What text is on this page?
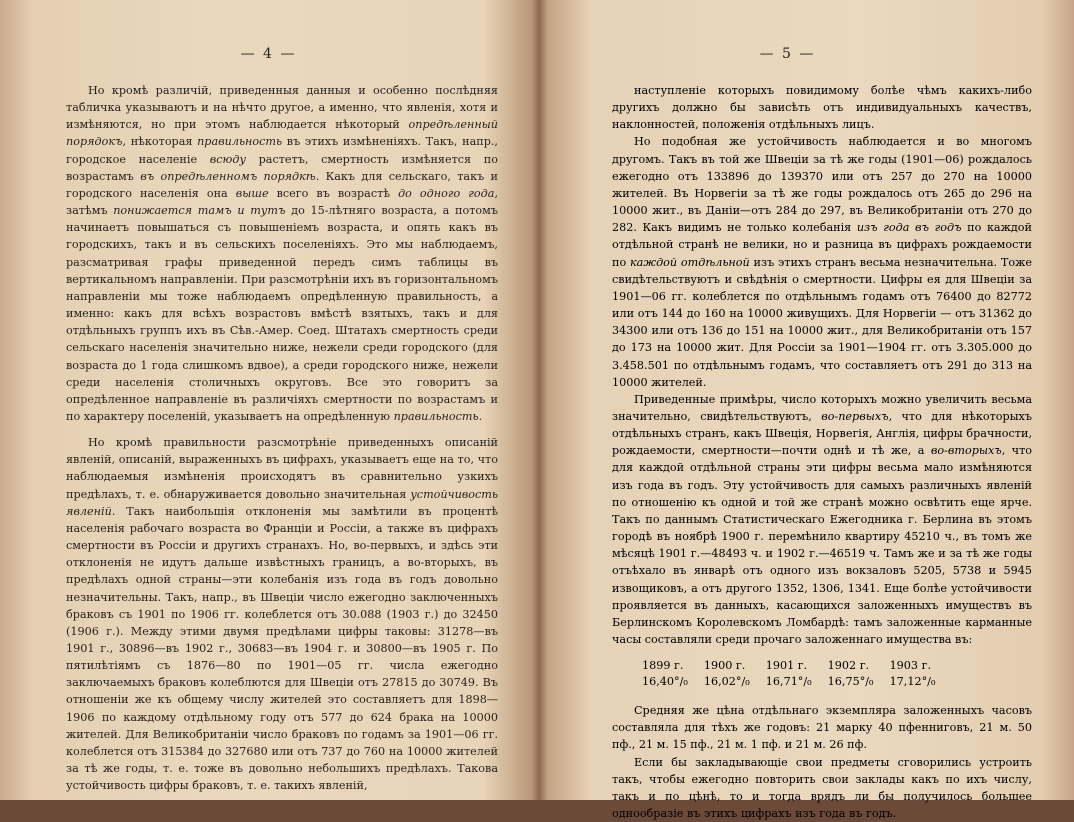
— 4 —

Но кромѣ различій, приведенныя данныя и особенно послѣдняя табличка указываютъ и на нѣчто другое, а именно, что явленія, хотя и измѣняются, но при этомъ наблюдается нѣкоторый опредѣленный порядокъ, нѣкоторая правильность въ этихъ измѣненіяхъ. Такъ, напр., городское населеніе всюду растетъ, смертность измѣняется по возрастамъ въ опредѣленномъ порядкѣ. Какъ для сельскаго, такъ и городского населенія она выше всего въ возрастѣ до одного года, затѣмъ понижается тамъ и тутъ до 15-лѣтняго возраста, а потомъ начинаетъ повышаться съ повышеніемъ возраста, и опять какъ въ городскихъ, такъ и въ сельскихъ поселеніяхъ. Это мы наблюдаемъ, разсматривая графы приведенной передъ симъ таблицы въ вертикальномъ направленіи. При разсмотрѣніи ихъ въ горизонтальномъ направленіи мы тоже наблюдаемъ опредѣленную правильность, а именно: какъ для всѣхъ возрастовъ вмѣстѣ взятыхъ, такъ и для отдѣльныхъ группъ ихъ въ Сѣв.-Амер. Соед. Штатахъ смертность среди сельскаго населенія значительно ниже, нежели среди городского (для возраста до 1 года слишкомъ вдвое), а среди городского ниже, нежели среди населенія столичныхъ округовъ. Все это говоритъ за опредѣленное направленіе въ различіяхъ смертности по возрастамъ и по характеру поселеній, указываетъ на опредѣленную правильность.

Но кромѣ правильности разсмотрѣніе приведенныхъ описаній явленій, описаній, выраженныхъ въ цифрахъ, указываетъ еще на то, что наблюдаемыя измѣненія происходятъ въ сравнительно узкихъ предѣлахъ, т. е. обнаруживается довольно значительная устойчивость явленій. Такъ наибольшія отклоненія мы замѣтили въ процентѣ населенія рабочаго возраста во Франціи и Россіи, а также въ цифрахъ смертности въ Россіи и другихъ странахъ. Но, во-первыхъ, и здѣсь эти отклоненія не идутъ дальше извѣстныхъ границъ, а во-вторыхъ, въ предѣлахъ одной страны—эти колебанія изъ года въ годъ довольно незначительны. Такъ, напр., въ Швеціи число ежегодно заключенныхъ браковъ съ 1901 по 1906 гг. колеблется отъ 30.088 (1903 г.) до 32450 (1906 г.). Между этими двумя предѣлами цифры таковы: 31278—въ 1901 г., 30896—въ 1902 г., 30683—въ 1904 г. и 30800—въ 1905 г. По пятилѣтіямъ съ 1876—80 по 1901—05 гг. числа ежегодно заключаемыхъ браковъ колеблются для Швеціи отъ 27815 до 30749. Въ отношеніи же къ общему числу жителей это составляетъ для 1898—1906 по каждому отдѣльному году отъ 577 до 624 брака на 10000 жителей. Для Великобританіи число браковъ по годамъ за 1901—06 гг. колеблется отъ 315384 до 327680 или отъ 737 до 760 на 10000 жителей за тѣ же годы, т. е. тоже въ довольно небольшихъ предѣлахъ. Такова устойчивость цифры браковъ, т. е. такихъ явленій,

— 5 —

наступленіе которыхъ повидимому болѣе чѣмъ какихъ-либо другихъ должно бы зависѣть отъ индивидуальныхъ качествъ, наклонностей, положенія отдѣльныхъ лицъ.

Но подобная же устойчивость наблюдается и во многомъ другомъ. Такъ въ той же Швеціи за тѣ же годы (1901—06) рождалось ежегодно отъ 133896 до 139370 или отъ 257 до 270 на 10000 жителей. Въ Норвегіи за тѣ же годы рождалось отъ 265 до 296 на 10000 жит., въ Даніи—отъ 284 до 297, въ Великобританіи отъ 270 до 282. Какъ видимъ не только колебанія изъ года въ годъ по каждой отдѣльной странѣ не велики, но и разница въ цифрахъ рождаемости по каждой отдѣльной изъ этихъ странъ весьма незначительна. Тоже свидѣтельствуютъ и свѣдѣнія о смертности. Цифры ея для Швеціи за 1901—06 гг. колеблется по отдѣльнымъ годамъ отъ 76400 до 82772 или отъ 144 до 160 на 10000 живущихъ. Для Норвегіи — отъ 31362 до 34300 или отъ 136 до 151 на 10000 жит., для Великобританіи отъ 157 до 173 на 10000 жит. Для Россіи за 1901—1904 гг. отъ 3.305.000 до 3.458.501 по отдѣльнымъ годамъ, что составляетъ отъ 291 до 313 на 10000 жителей.

Приведенные примѣры, число которыхъ можно увеличить весьма значительно, свидѣтельствуютъ, во-первыхъ, что для нѣкоторыхъ отдѣльныхъ странъ, какъ Швеція, Норвегія, Англія, цифры брачности, рождаемости, смертности—почти однѣ и тѣ же, а во-вторыхъ, что для каждой отдѣльной страны эти цифры весьма мало измѣняются изъ года въ годъ. Эту устойчивость для самыхъ различныхъ явленій по отношенію къ одной и той же странѣ можно освѣтить еще ярче. Такъ по даннымъ Статистическаго Ежегодника г. Берлина въ этомъ городѣ въ ноябрѣ 1900 г. перемѣнило квартиру 45210 ч., въ томъ же мѣсяцѣ 1901 г.—48493 ч. и 1902 г.—46519 ч. Тамъ же и за тѣ же годы отъѣхало въ январѣ отъ одного изъ вокзаловъ 5205, 5738 и 5945 извощиковъ, а отъ другого 1352, 1306, 1341. Еще болѣе устойчивости проявляется въ данныхъ, касающихся заложенныхъ имуществъ въ Берлинскомъ Королевскомъ Ломбардѣ: тамъ заложенные карманные часы составляли среди прочаго заложеннаго имущества въ:

1899 г.	1900 г.	1901 г.	1902 г.	1903 г.
16,40°/₀	16,02°/₀	16,71°/₀	16,75°/₀	17,12°/₀

Средняя же цѣна отдѣльнаго экземпляра заложенныхъ часовъ составляла для тѣхъ же годовъ: 21 марку 40 пфенниговъ, 21 м. 50 пф., 21 м. 15 пф., 21 м. 1 пф. и 21 м. 26 пф.

Если бы закладывающіе свои предметы сговорились устроить такъ, чтобы ежегодно повторить свои заклады какъ по ихъ числу, такъ и по цѣнѣ, то и тогда врядъ ли бы получилось большее однообразіе въ этихъ цифрахъ изъ года въ годъ.
